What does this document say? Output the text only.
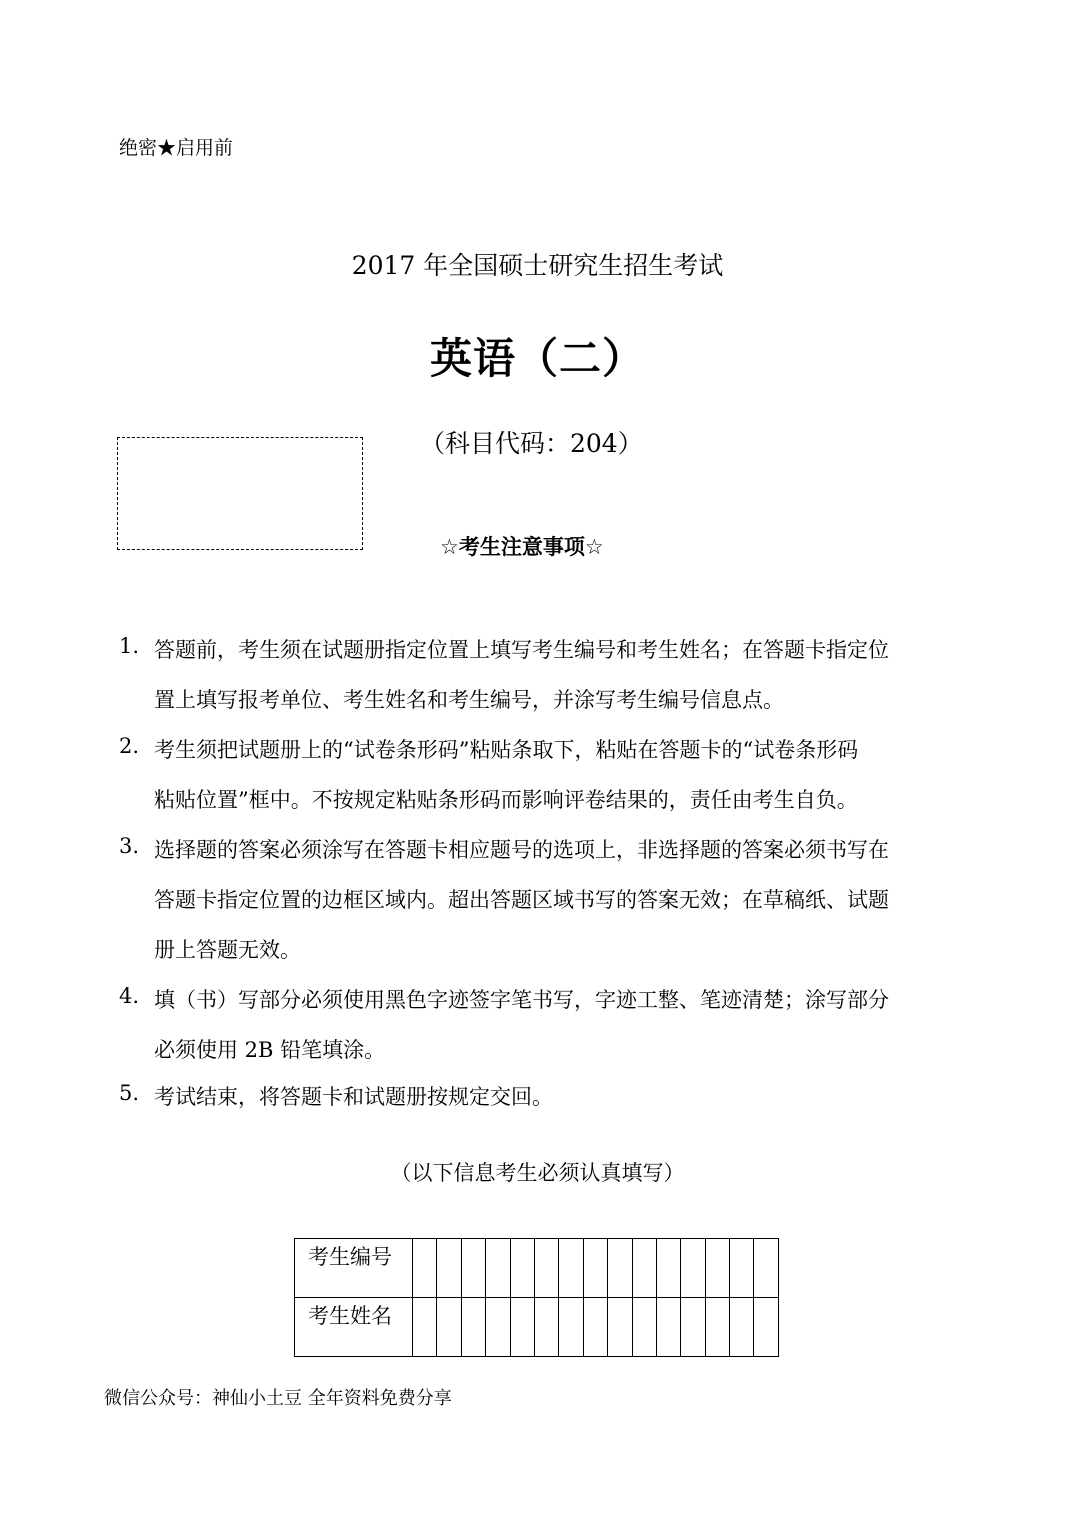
绝密★启用前
2017 年全国硕士研究生招生考试
英语（二）
（科目代码：204）
☆考生注意事项☆
1. 答题前，考生须在试题册指定位置上填写考生编号和考生姓名；在答题卡指定位
置上填写报考单位、考生姓名和考生编号，并涂写考生编号信息点。
2. 考生须把试题册上的“试卷条形码”粘贴条取下，粘贴在答题卡的“试卷条形码
粘贴位置”框中。不按规定粘贴条形码而影响评卷结果的，责任由考生自负。
3. 选择题的答案必须涂写在答题卡相应题号的选项上，非选择题的答案必须书写在
答题卡指定位置的边框区域内。超出答题区域书写的答案无效；在草稿纸、试题
册上答题无效。
4. 填（书）写部分必须使用黑色字迹签字笔书写，字迹工整、笔迹清楚；涂写部分
必须使用 2B 铅笔填涂。
5. 考试结束，将答题卡和试题册按规定交回。
（以下信息考生必须认真填写）
考生编号															
考生姓名															
微信公众号：神仙小土豆 全年资料免费分享
